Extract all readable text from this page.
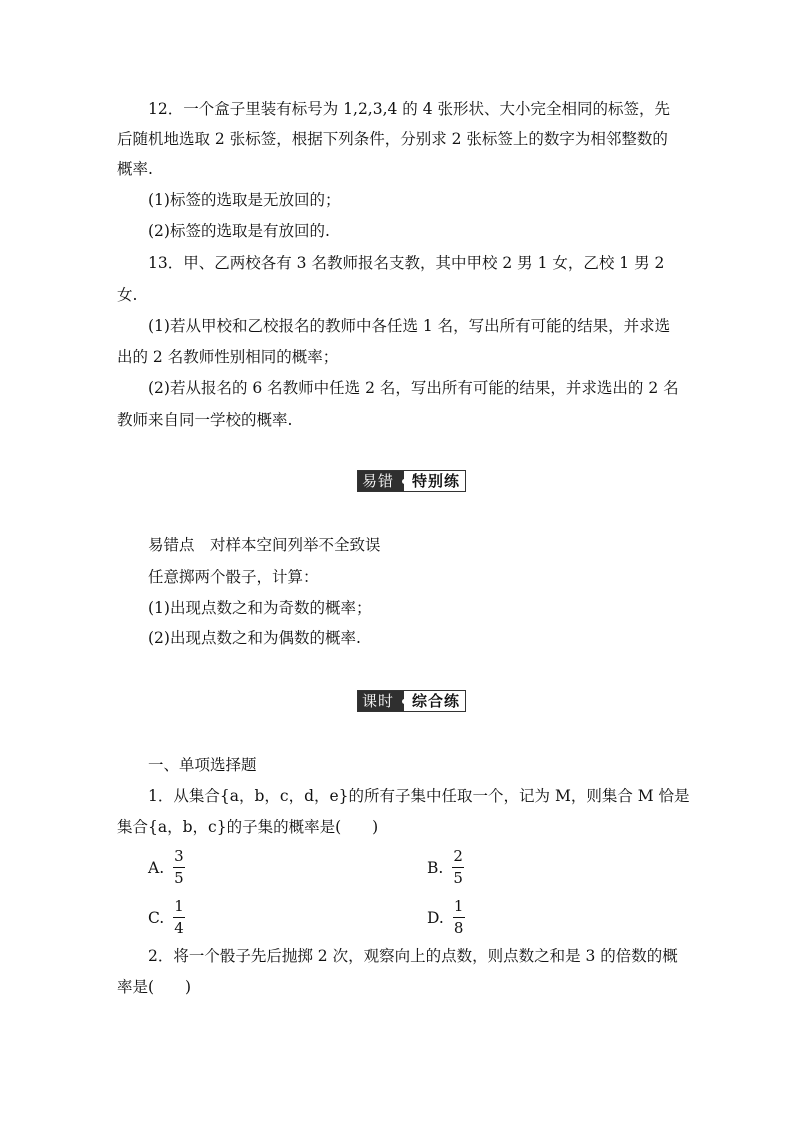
12．一个盒子里装有标号为 1,2,3,4 的 4 张形状、大小完全相同的标签，先
后随机地选取 2 张标签，根据下列条件，分别求 2 张标签上的数字为相邻整数的
概率.
(1)标签的选取是无放回的；
(2)标签的选取是有放回的.
13．甲、乙两校各有 3 名教师报名支教，其中甲校 2 男 1 女，乙校 1 男 2
女.
(1)若从甲校和乙校报名的教师中各任选 1 名，写出所有可能的结果，并求选
出的 2 名教师性别相同的概率；
(2)若从报名的 6 名教师中任选 2 名，写出所有可能的结果，并求选出的 2 名
教师来自同一学校的概率.
易错	特别练
易错点　对样本空间列举不全致误
任意掷两个骰子，计算：
(1)出现点数之和为奇数的概率；
(2)出现点数之和为偶数的概率.
课时	综合练
一、单项选择题
1．从集合{a，b，c，d，e}的所有子集中任取一个，记为 M，则集合 M 恰是
集合{a，b，c}的子集的概率是(　　)
A. $\frac{3}{5}$	B. $\frac{2}{5}$
C. $\frac{1}{4}$	D. $\frac{1}{8}$
2．将一个骰子先后抛掷 2 次，观察向上的点数，则点数之和是 3 的倍数的概
率是(　　)
